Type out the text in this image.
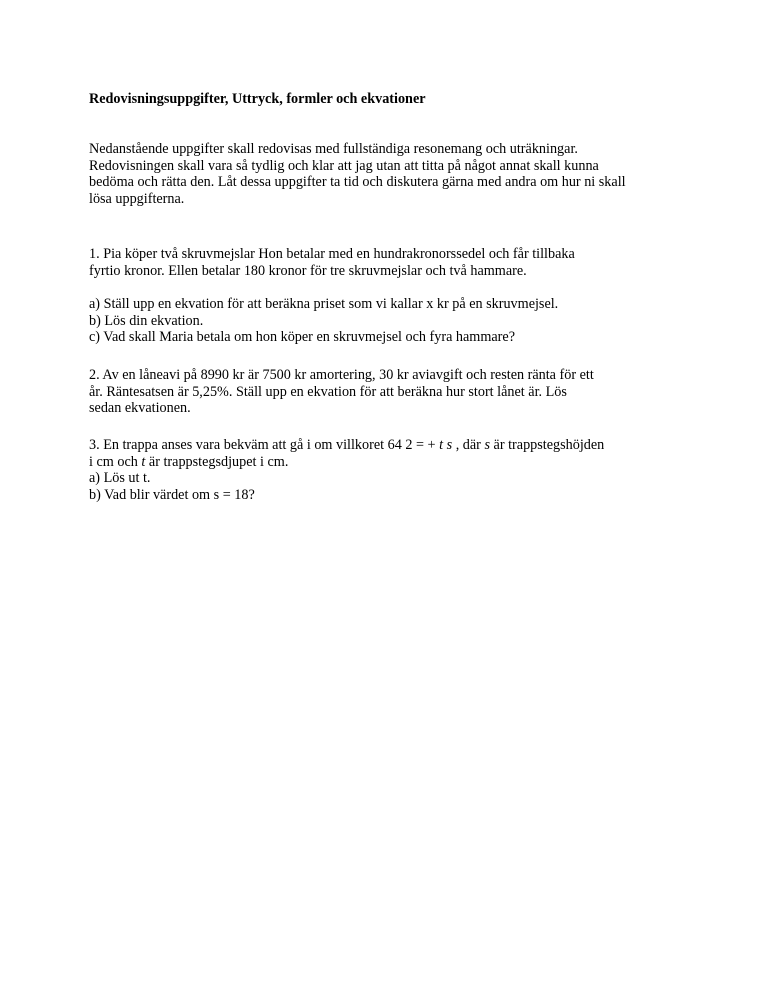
Redovisningsuppgifter, Uttryck, formler och ekvationer
Nedanstående uppgifter skall redovisas med fullständiga resonemang och uträkningar.
Redovisningen skall vara så tydlig och klar att jag utan att titta på något annat skall kunna
bedöma och rätta den. Låt dessa uppgifter ta tid och diskutera gärna med andra om hur ni skall
lösa uppgifterna.
1. Pia köper två skruvmejslar Hon betalar med en hundrakronorssedel och får tillbaka
fyrtio kronor. Ellen betalar 180 kronor för tre skruvmejslar och två hammare.
a) Ställ upp en ekvation för att beräkna priset som vi kallar x kr på en skruvmejsel.
b) Lös din ekvation.
c) Vad skall Maria betala om hon köper en skruvmejsel och fyra hammare?
2. Av en låneavi på 8990 kr är 7500 kr amortering, 30 kr aviavgift och resten ränta för ett
år. Räntesatsen är 5,25%. Ställ upp en ekvation för att beräkna hur stort lånet är. Lös
sedan ekvationen.
3. En trappa anses vara bekväm att gå i om villkoret 64 2 = + t s , där s är trappstegshöjden
i cm och t är trappstegsdjupet i cm.
a) Lös ut t.
b) Vad blir värdet om s = 18?
